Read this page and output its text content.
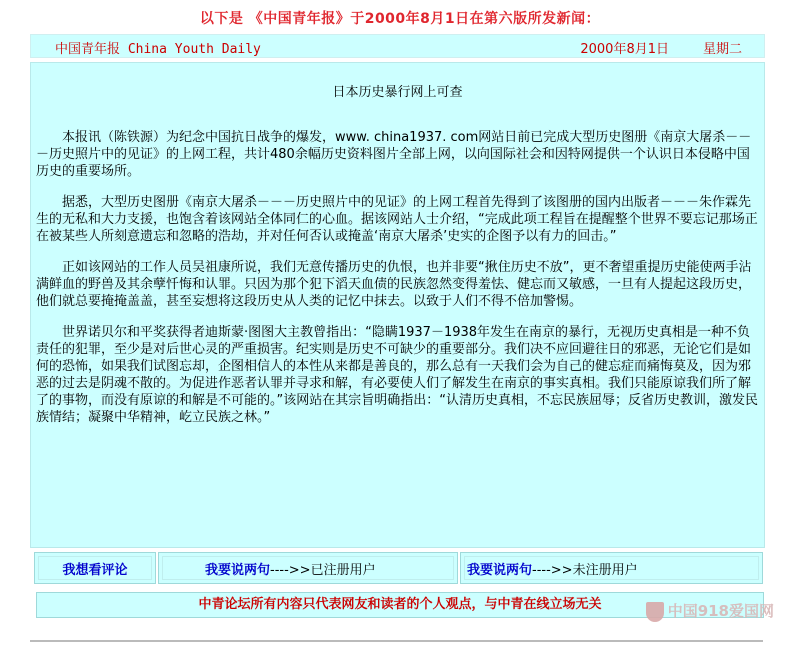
以下是 《中国青年报》于2000年8月1日在第六版所发新闻：
中国青年报 China Youth Daily	2000年8月1日	星期二
日本历史暴行网上可查

本报讯（陈铁源）为纪念中国抗日战争的爆发，www. china1937. com网站日前已完成大型历史图册《南京大屠杀－－－历史照片中的见证》的上网工程，共计480余幅历史资料图片全部上网，以向国际社会和因特网提供一个认识日本侵略中国历史的重要场所。

据悉，大型历史图册《南京大屠杀－－－历史照片中的见证》的上网工程首先得到了该图册的国内出版者－－－朱作霖先生的无私和大力支援，也饱含着该网站全体同仁的心血。据该网站人士介绍，“完成此项工程旨在提醒整个世界不要忘记那场正在被某些人所刻意遗忘和忽略的浩劫，并对任何否认或掩盖‘南京大屠杀’史实的企图予以有力的回击。”

正如该网站的工作人员吴祖康所说，我们无意传播历史的仇恨，也并非要“揪住历史不放”，更不奢望重提历史能使两手沾满鲜血的野兽及其余孽忏悔和认罪。只因为那个犯下滔天血债的民族忽然变得羞怯、健忘而又敏感，一旦有人提起这段历史，他们就总要掩掩盖盖，甚至妄想将这段历史从人类的记忆中抹去。以致于人们不得不倍加警惕。

世界诺贝尔和平奖获得者迪斯蒙·图图大主教曾指出：“隐瞒1937－1938年发生在南京的暴行，无视历史真相是一种不负责任的犯罪，至少是对后世心灵的严重损害。纪实则是历史不可缺少的重要部分。我们决不应回避往日的邪恶，无论它们是如何的恐怖，如果我们试图忘却，企图相信人的本性从来都是善良的，那么总有一天我们会为自己的健忘症而痛悔莫及，因为邪恶的过去是阴魂不散的。为促进作恶者认罪并寻求和解，有必要使人们了解发生在南京的事实真相。我们只能原谅我们所了解了的事物，而没有原谅的和解是不可能的。”该网站在其宗旨明确指出：“认清历史真相，不忘民族屈辱；反省历史教训，激发民族情结；凝聚中华精神，屹立民族之林。”

我想看评论	我要说两句---->>已注册用户	我要说两句---->>未注册用户
中青论坛所有内容只代表网友和读者的个人观点，与中青在线立场无关	中国918爱国网
